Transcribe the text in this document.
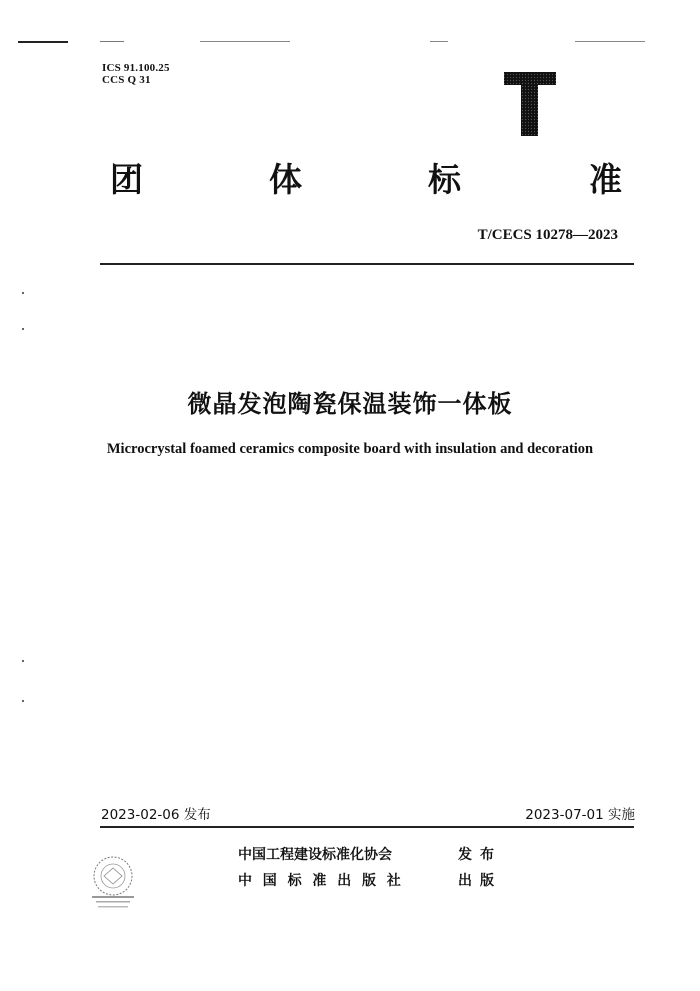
ICS 91.100.25
CCS Q 31
团	体	标	准
T/CECS 10278—2023
微晶发泡陶瓷保温装饰一体板
Microcrystal foamed ceramics composite board with insulation and decoration
2023-02-06 发布	2023-07-01 实施
中国工程建设标准化协会	发布
中国标准出版社	出版
